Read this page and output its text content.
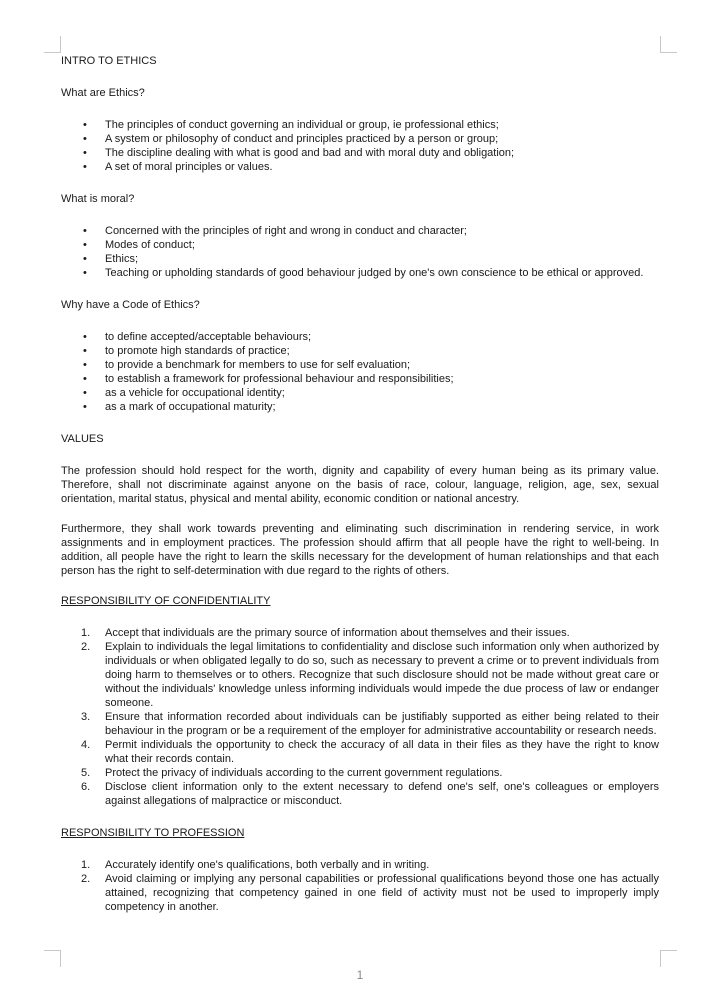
INTRO TO ETHICS
What are Ethics?
• The principles of conduct governing an individual or group, ie professional ethics;
• A system or philosophy of conduct and principles practiced by a person or group;
• The discipline dealing with what is good and bad and with moral duty and obligation;
• A set of moral principles or values.
What is moral?
• Concerned with the principles of right and wrong in conduct and character;
• Modes of conduct;
• Ethics;
• Teaching or upholding standards of good behaviour judged by one's own conscience to be ethical or approved.
Why have a Code of Ethics?
• to define accepted/acceptable behaviours;
• to promote high standards of practice;
• to provide a benchmark for members to use for self evaluation;
• to establish a framework for professional behaviour and responsibilities;
• as a vehicle for occupational identity;
• as a mark of occupational maturity;
VALUES

The profession should hold respect for the worth, dignity and capability of every human being as its primary value. Therefore, shall not discriminate against anyone on the basis of race, colour, language, religion, age, sex, sexual orientation, marital status, physical and mental ability, economic condition or national ancestry.

Furthermore, they shall work towards preventing and eliminating such discrimination in rendering service, in work assignments and in employment practices. The profession should affirm that all people have the right to well-being. In addition, all people have the right to learn the skills necessary for the development of human relationships and that each person has the right to self-determination with due regard to the rights of others.

RESPONSIBILITY OF CONFIDENTIALITY
1. Accept that individuals are the primary source of information about themselves and their issues.
2. Explain to individuals the legal limitations to confidentiality and disclose such information only when authorized by individuals or when obligated legally to do so, such as necessary to prevent a crime or to prevent individuals from doing harm to themselves or to others. Recognize that such disclosure should not be made without great care or without the individuals' knowledge unless informing individuals would impede the due process of law or endanger someone.
3. Ensure that information recorded about individuals can be justifiably supported as either being related to their behaviour in the program or be a requirement of the employer for administrative accountability or research needs.
4. Permit individuals the opportunity to check the accuracy of all data in their files as they have the right to know what their records contain.
5. Protect the privacy of individuals according to the current government regulations.
6. Disclose client information only to the extent necessary to defend one's self, one's colleagues or employers against allegations of malpractice or misconduct.
RESPONSIBILITY TO PROFESSION
1. Accurately identify one's qualifications, both verbally and in writing.
2. Avoid claiming or implying any personal capabilities or professional qualifications beyond those one has actually attained, recognizing that competency gained in one field of activity must not be used to improperly imply competency in another.
1
